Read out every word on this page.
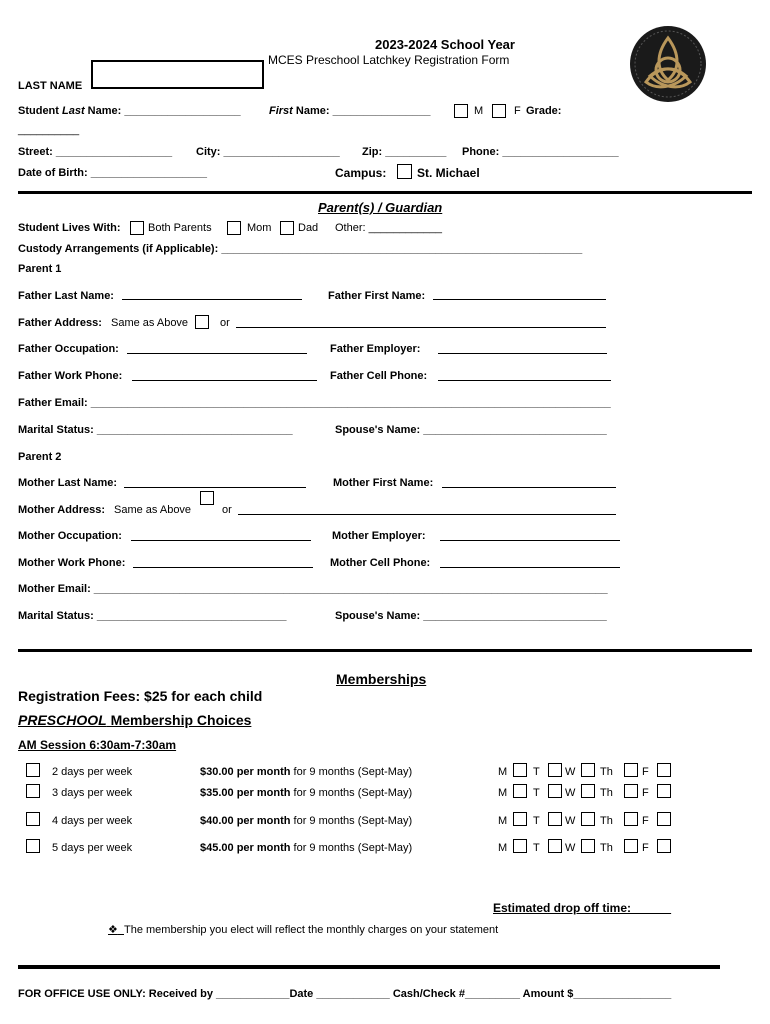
2023-2024 School Year
MCES Preschool Latchkey Registration Form
LAST NAME
Student Last Name: ___________________	First Name: ________________	M	F Grade:
__________
Street: ___________________ City: ___________________ Zip: __________ Phone: ___________________
Date of Birth: ___________________	Campus:	St. Michael
Parent(s) / Guardian
Student Lives With: Both Parents	Mom Dad Other: ____________
Custody Arrangements (if Applicable): ___________________________________________________________
Parent 1
Father Last Name:	Father First Name:
Father Address: Same as Above	or
Father Occupation:	Father Employer:
Father Work Phone:	Father Cell Phone:
Father Email: _____________________________________________________________________________________
Marital Status: ________________________________	Spouse's Name: ______________________________
Parent 2
Mother Last Name:	Mother First Name:
Mother Address: Same as Above	or
Mother Occupation:	Mother Employer:
Mother Work Phone:	Mother Cell Phone:
Mother Email: ____________________________________________________________________________________
Marital Status: _______________________________	Spouse's Name: ______________________________
Memberships
Registration Fees: $25 for each child
PRESCHOOL Membership Choices
AM Session 6:30am-7:30am
2 days per week	$30.00 per month for 9 months (Sept-May)	M T W Th	F
3 days per week	$35.00 per month for 9 months (Sept-May)	M T W Th	F
4 days per week	$40.00 per month for 9 months (Sept-May)	M T W Th	F
5 days per week	$45.00 per month for 9 months (Sept-May)	M T W Th	F
Estimated drop off time:______
❖ The membership you elect will reflect the monthly charges on your statement
FOR OFFICE USE ONLY: Received by ____________Date ____________ Cash/Check #_________ Amount $________________
